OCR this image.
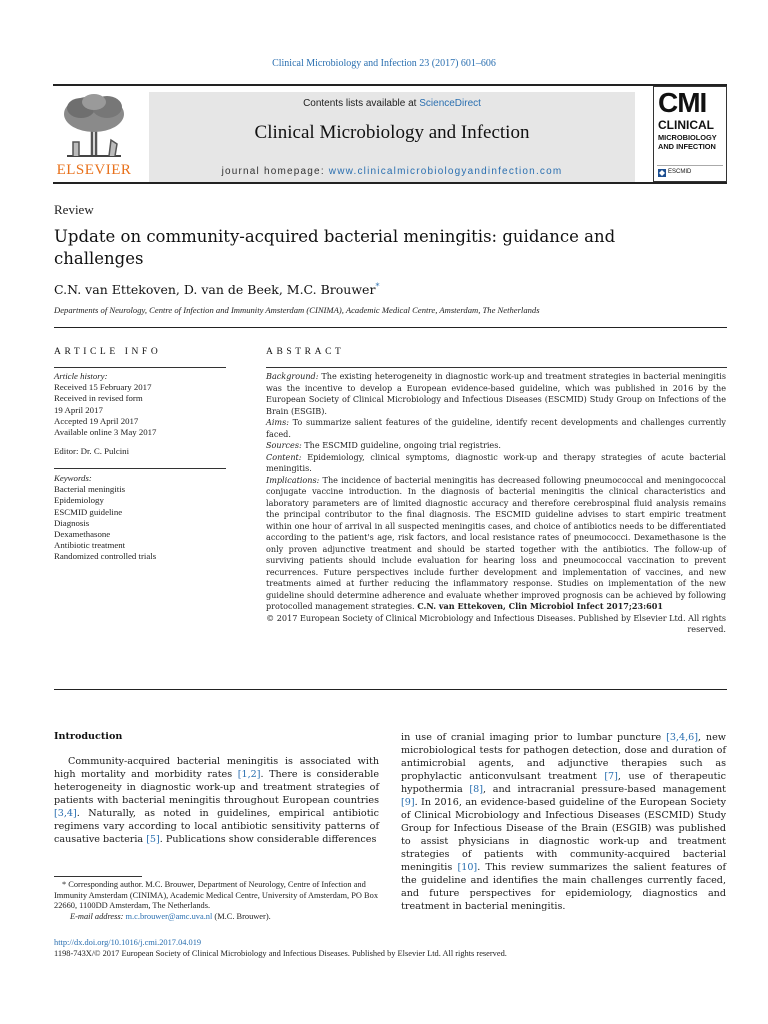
Clinical Microbiology and Infection 23 (2017) 601–606
ELSEVIER
Contents lists available at ScienceDirect
Clinical Microbiology and Infection
journal homepage: www.clinicalmicrobiologyandinfection.com
CMI
CLINICAL
MICROBIOLOGY
AND INFECTION
ESCMID
Review
Update on community-acquired bacterial meningitis: guidance and challenges
C.N. van Ettekoven, D. van de Beek, M.C. Brouwer*
Departments of Neurology, Centre of Infection and Immunity Amsterdam (CINIMA), Academic Medical Centre, Amsterdam, The Netherlands
ARTICLE INFO	ABSTRACT
Article history:
Received 15 February 2017
Received in revised form
19 April 2017
Accepted 19 April 2017
Available online 3 May 2017
Editor: Dr. C. Pulcini
Keywords:
Bacterial meningitis
Epidemiology
ESCMID guideline
Diagnosis
Dexamethasone
Antibiotic treatment
Randomized controlled trials

Background: The existing heterogeneity in diagnostic work-up and treatment strategies in bacterial meningitis was the incentive to develop a European evidence-based guideline, which was published in 2016 by the European Society of Clinical Microbiology and Infectious Diseases (ESCMID) Study Group on Infections of the Brain (ESGIB).

Aims: To summarize salient features of the guideline, identify recent developments and challenges currently faced.

Sources: The ESCMID guideline, ongoing trial registries.

Content: Epidemiology, clinical symptoms, diagnostic work-up and therapy strategies of acute bacterial meningitis.

Implications: The incidence of bacterial meningitis has decreased following pneumococcal and meningococcal conjugate vaccine introduction. In the diagnosis of bacterial meningitis the clinical characteristics and laboratory parameters are of limited diagnostic accuracy and therefore cerebrospinal fluid analysis remains the principal contributor to the final diagnosis. The ESCMID guideline advises to start empiric treatment within one hour of arrival in all suspected meningitis cases, and choice of antibiotics needs to be differentiated according to the patient's age, risk factors, and local resistance rates of pneumococci. Dexamethasone is the only proven adjunctive treatment and should be started together with the antibiotics. The follow-up of surviving patients should include evaluation for hearing loss and pneumococcal vaccination to prevent recurrences. Future perspectives include further development and implementation of vaccines, and new treatments aimed at further reducing the inflammatory response. Studies on implementation of the new guideline should determine adherence and evaluate whether improved prognosis can be achieved by following protocolled management strategies. C.N. van Ettekoven, Clin Microbiol Infect 2017;23:601

© 2017 European Society of Clinical Microbiology and Infectious Diseases. Published by Elsevier Ltd. All rights reserved.

Introduction
Community-acquired bacterial meningitis is associated with high mortality and morbidity rates [1,2]. There is considerable heterogeneity in diagnostic work-up and treatment strategies of patients with bacterial meningitis throughout European countries [3,4]. Naturally, as noted in guidelines, empirical antibiotic regimens vary according to local antibiotic sensitivity patterns of causative bacteria [5]. Publications show considerable differences
in use of cranial imaging prior to lumbar puncture [3,4,6], new microbiological tests for pathogen detection, dose and duration of antimicrobial agents, and adjunctive therapies such as prophylactic anticonvulsant treatment [7], use of therapeutic hypothermia [8], and intracranial pressure-based management [9]. In 2016, an evidence-based guideline of the European Society of Clinical Microbiology and Infectious Diseases (ESCMID) Study Group for Infectious Disease of the Brain (ESGIB) was published to assist physicians in diagnostic work-up and treatment strategies of patients with community-acquired bacterial meningitis [10]. This review summarizes the salient features of the guideline and identifies the main challenges currently faced, and future perspectives for epidemiology, diagnostics and treatment in bacterial meningitis.
* Corresponding author. M.C. Brouwer, Department of Neurology, Centre of Infection and Immunity Amsterdam (CINIMA), Academic Medical Centre, University of Amsterdam, PO Box 22660, 1100DD Amsterdam, The Netherlands.
E-mail address: m.c.brouwer@amc.uva.nl (M.C. Brouwer).
http://dx.doi.org/10.1016/j.cmi.2017.04.019
1198-743X/© 2017 European Society of Clinical Microbiology and Infectious Diseases. Published by Elsevier Ltd. All rights reserved.
